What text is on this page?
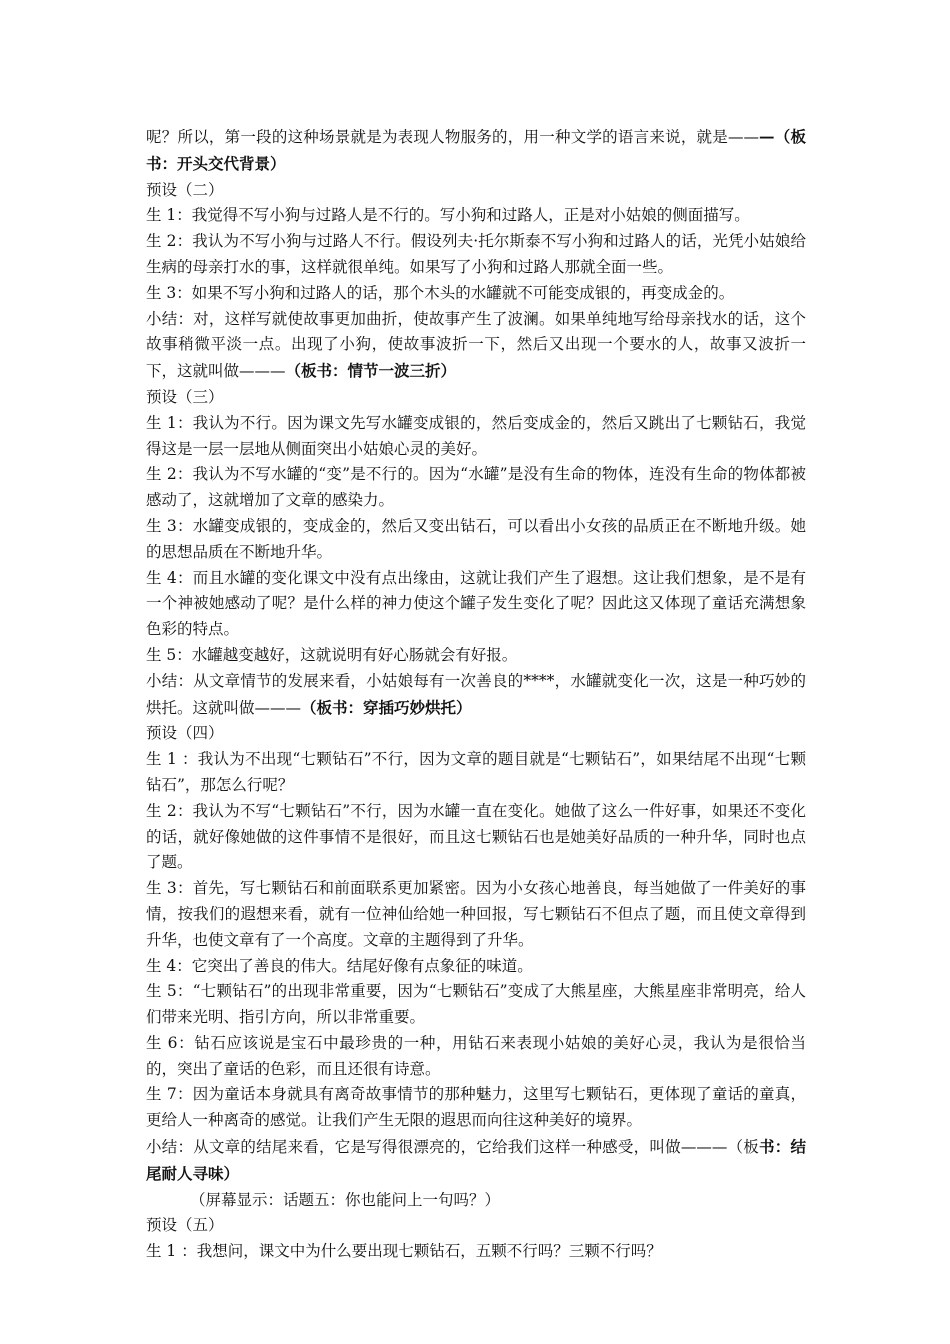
呢？所以，第一段的这种场景就是为表现人物服务的，用一种文学的语言来说，就是———（板书：开头交代背景）

预设（二）

生 1：我觉得不写小狗与过路人是不行的。写小狗和过路人，正是对小姑娘的侧面描写。

生 2：我认为不写小狗与过路人不行。假设列夫·托尔斯泰不写小狗和过路人的话，光凭小姑娘给生病的母亲打水的事，这样就很单纯。如果写了小狗和过路人那就全面一些。

生 3：如果不写小狗和过路人的话，那个木头的水罐就不可能变成银的，再变成金的。

小结：对，这样写就使故事更加曲折，使故事产生了波澜。如果单纯地写给母亲找水的话，这个故事稍微平淡一点。出现了小狗，使故事波折一下，然后又出现一个要水的人，故事又波折一下，这就叫做———（板书：情节一波三折）

预设（三）

生 1：我认为不行。因为课文先写水罐变成银的，然后变成金的，然后又跳出了七颗钻石，我觉得这是一层一层地从侧面突出小姑娘心灵的美好。

生 2：我认为不写水罐的“变”是不行的。因为“水罐”是没有生命的物体，连没有生命的物体都被感动了，这就增加了文章的感染力。

生 3：水罐变成银的，变成金的，然后又变出钻石，可以看出小女孩的品质正在不断地升级。她的思想品质在不断地升华。

生 4：而且水罐的变化课文中没有点出缘由，这就让我们产生了遐想。这让我们想象，是不是有一个神被她感动了呢？是什么样的神力使这个罐子发生变化了呢？因此这又体现了童话充满想象色彩的特点。

生 5：水罐越变越好，这就说明有好心肠就会有好报。

小结：从文章情节的发展来看，小姑娘每有一次善良的****，水罐就变化一次，这是一种巧妙的烘托。这就叫做———（板书：穿插巧妙烘托）

预设（四）

生 1 ：我认为不出现“七颗钻石”不行，因为文章的题目就是“七颗钻石”，如果结尾不出现“七颗钻石”，那怎么行呢？

生 2：我认为不写“七颗钻石”不行，因为水罐一直在变化。她做了这么一件好事，如果还不变化的话，就好像她做的这件事情不是很好，而且这七颗钻石也是她美好品质的一种升华，同时也点了题。

生 3：首先，写七颗钻石和前面联系更加紧密。因为小女孩心地善良，每当她做了一件美好的事情，按我们的遐想来看，就有一位神仙给她一种回报，写七颗钻石不但点了题，而且使文章得到升华，也使文章有了一个高度。文章的主题得到了升华。

生 4：它突出了善良的伟大。结尾好像有点象征的味道。

生 5：“七颗钻石”的出现非常重要，因为“七颗钻石”变成了大熊星座，大熊星座非常明亮，给人们带来光明、指引方向，所以非常重要。

生 6：钻石应该说是宝石中最珍贵的一种，用钻石来表现小姑娘的美好心灵，我认为是很恰当的，突出了童话的色彩，而且还很有诗意。

生 7：因为童话本身就具有离奇故事情节的那种魅力，这里写七颗钻石，更体现了童话的童真，更给人一种离奇的感觉。让我们产生无限的遐思而向往这种美好的境界。

小结：从文章的结尾来看，它是写得很漂亮的，它给我们这样一种感受，叫做———（板书：结尾耐人寻味）

（屏幕显示：话题五：你也能问上一句吗？）

预设（五）

生 1 ：我想问，课文中为什么要出现七颗钻石，五颗不行吗？三颗不行吗？
